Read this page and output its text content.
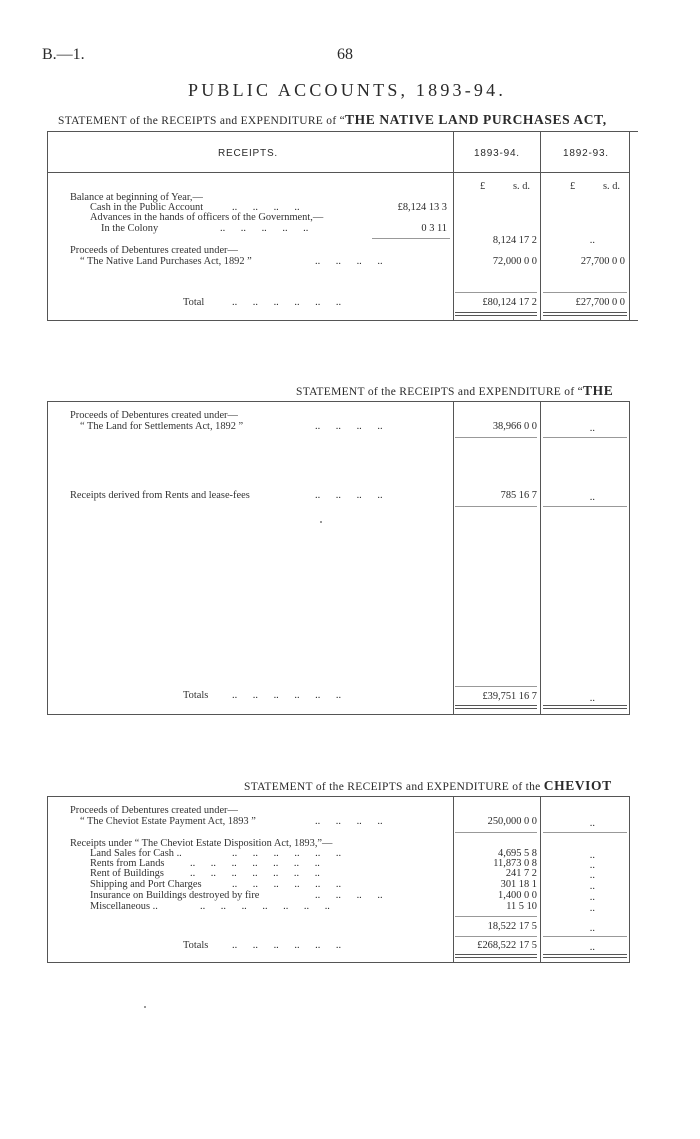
B.—1.	68
PUBLIC ACCOUNTS, 1893-94.
STATEMENT of the RECEIPTS and EXPENDITURE of “THE NATIVE LAND PURCHASES ACT,
RECEIPTS.	1893-94.	1892-93.
£	s. d.	£	s. d.
Balance at beginning of Year,—
Cash in the Public Account	..      ..      ..      ..	£8,124 13 3
Advances in the hands of officers of the Government,—
In the Colony	..      ..      ..      ..      ..	0 3 11
8,124 17 2	..
Proceeds of Debentures created under—
“ The Native Land Purchases Act, 1892 ”	..      ..      ..      ..	72,000 0 0	27,700 0 0
Total	..      ..      ..      ..      ..      ..	£80,124 17 2	£27,700 0 0
STATEMENT of the RECEIPTS and EXPENDITURE of “THE
Proceeds of Debentures created under—
“ The Land for Settlements Act, 1892 ”	..      ..      ..      ..	38,966 0 0	..
Receipts derived from Rents and lease-fees	..      ..      ..      ..	785 16 7	..
Totals ..      ..      ..      ..      ..      ..	£39,751 16 7	..
STATEMENT of the RECEIPTS and EXPENDITURE of the CHEVIOT
Proceeds of Debentures created under—
“ The Cheviot Estate Payment Act, 1893 ”	..      ..      ..      ..	250,000 0 0	..
Receipts under “ The Cheviot Estate Disposition Act, 1893,”—
Land Sales for Cash ..	..      ..      ..      ..      ..      ..	4,695 5 8	..
Rents from Lands ..      ..      ..      ..      ..      ..      ..	11,873 0 8	..
Rent of Buildings	..      ..      ..      ..      ..      ..      ..	241 7 2	..
Shipping and Port Charges	..      ..      ..      ..      ..      ..	301 18 1	..
Insurance on Buildings destroyed by fire	..      ..      ..      ..	1,400 0 0	..
Miscellaneous ..	..      ..      ..      ..      ..      ..      ..	11 5 10	..
18,522 17 5	..
Totals ..      ..      ..      ..      ..      ..	£268,522 17 5	..
